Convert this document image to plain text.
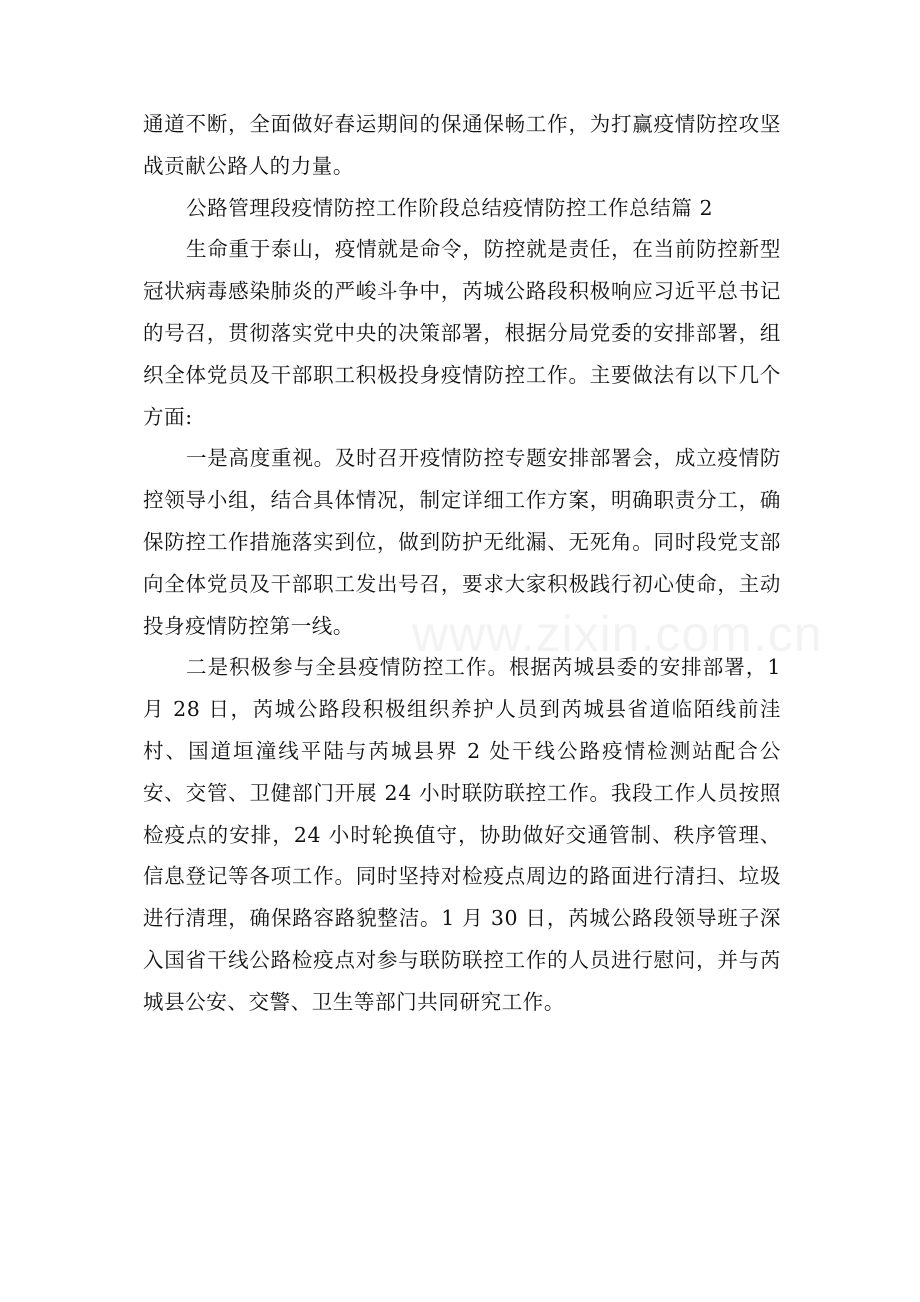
通道不断，全面做好春运期间的保通保畅工作，为打赢疫情防控攻坚战贡献公路人的力量。

公路管理段疫情防控工作阶段总结疫情防控工作总结篇 2

生命重于泰山，疫情就是命令，防控就是责任，在当前防控新型冠状病毒感染肺炎的严峻斗争中，芮城公路段积极响应习近平总书记的号召，贯彻落实党中央的决策部署，根据分局党委的安排部署，组织全体党员及干部职工积极投身疫情防控工作。主要做法有以下几个方面:

一是高度重视。及时召开疫情防控专题安排部署会，成立疫情防控领导小组，结合具体情况，制定详细工作方案，明确职责分工，确保防控工作措施落实到位，做到防护无纰漏、无死角。同时段党支部向全体党员及干部职工发出号召，要求大家积极践行初心使命，主动投身疫情防控第一线。

二是积极参与全县疫情防控工作。根据芮城县委的安排部署，1 月 28 日，芮城公路段积极组织养护人员到芮城县省道临陌线前洼村、国道垣潼线平陆与芮城县界 2 处干线公路疫情检测站配合公安、交管、卫健部门开展 24 小时联防联控工作。我段工作人员按照检疫点的安排，24 小时轮换值守，协助做好交通管制、秩序管理、信息登记等各项工作。同时坚持对检疫点周边的路面进行清扫、垃圾进行清理，确保路容路貌整洁。1 月 30 日，芮城公路段领导班子深入国省干线公路检疫点对参与联防联控工作的人员进行慰问，并与芮城县公安、交警、卫生等部门共同研究工作。

www.zixin.com.cn
